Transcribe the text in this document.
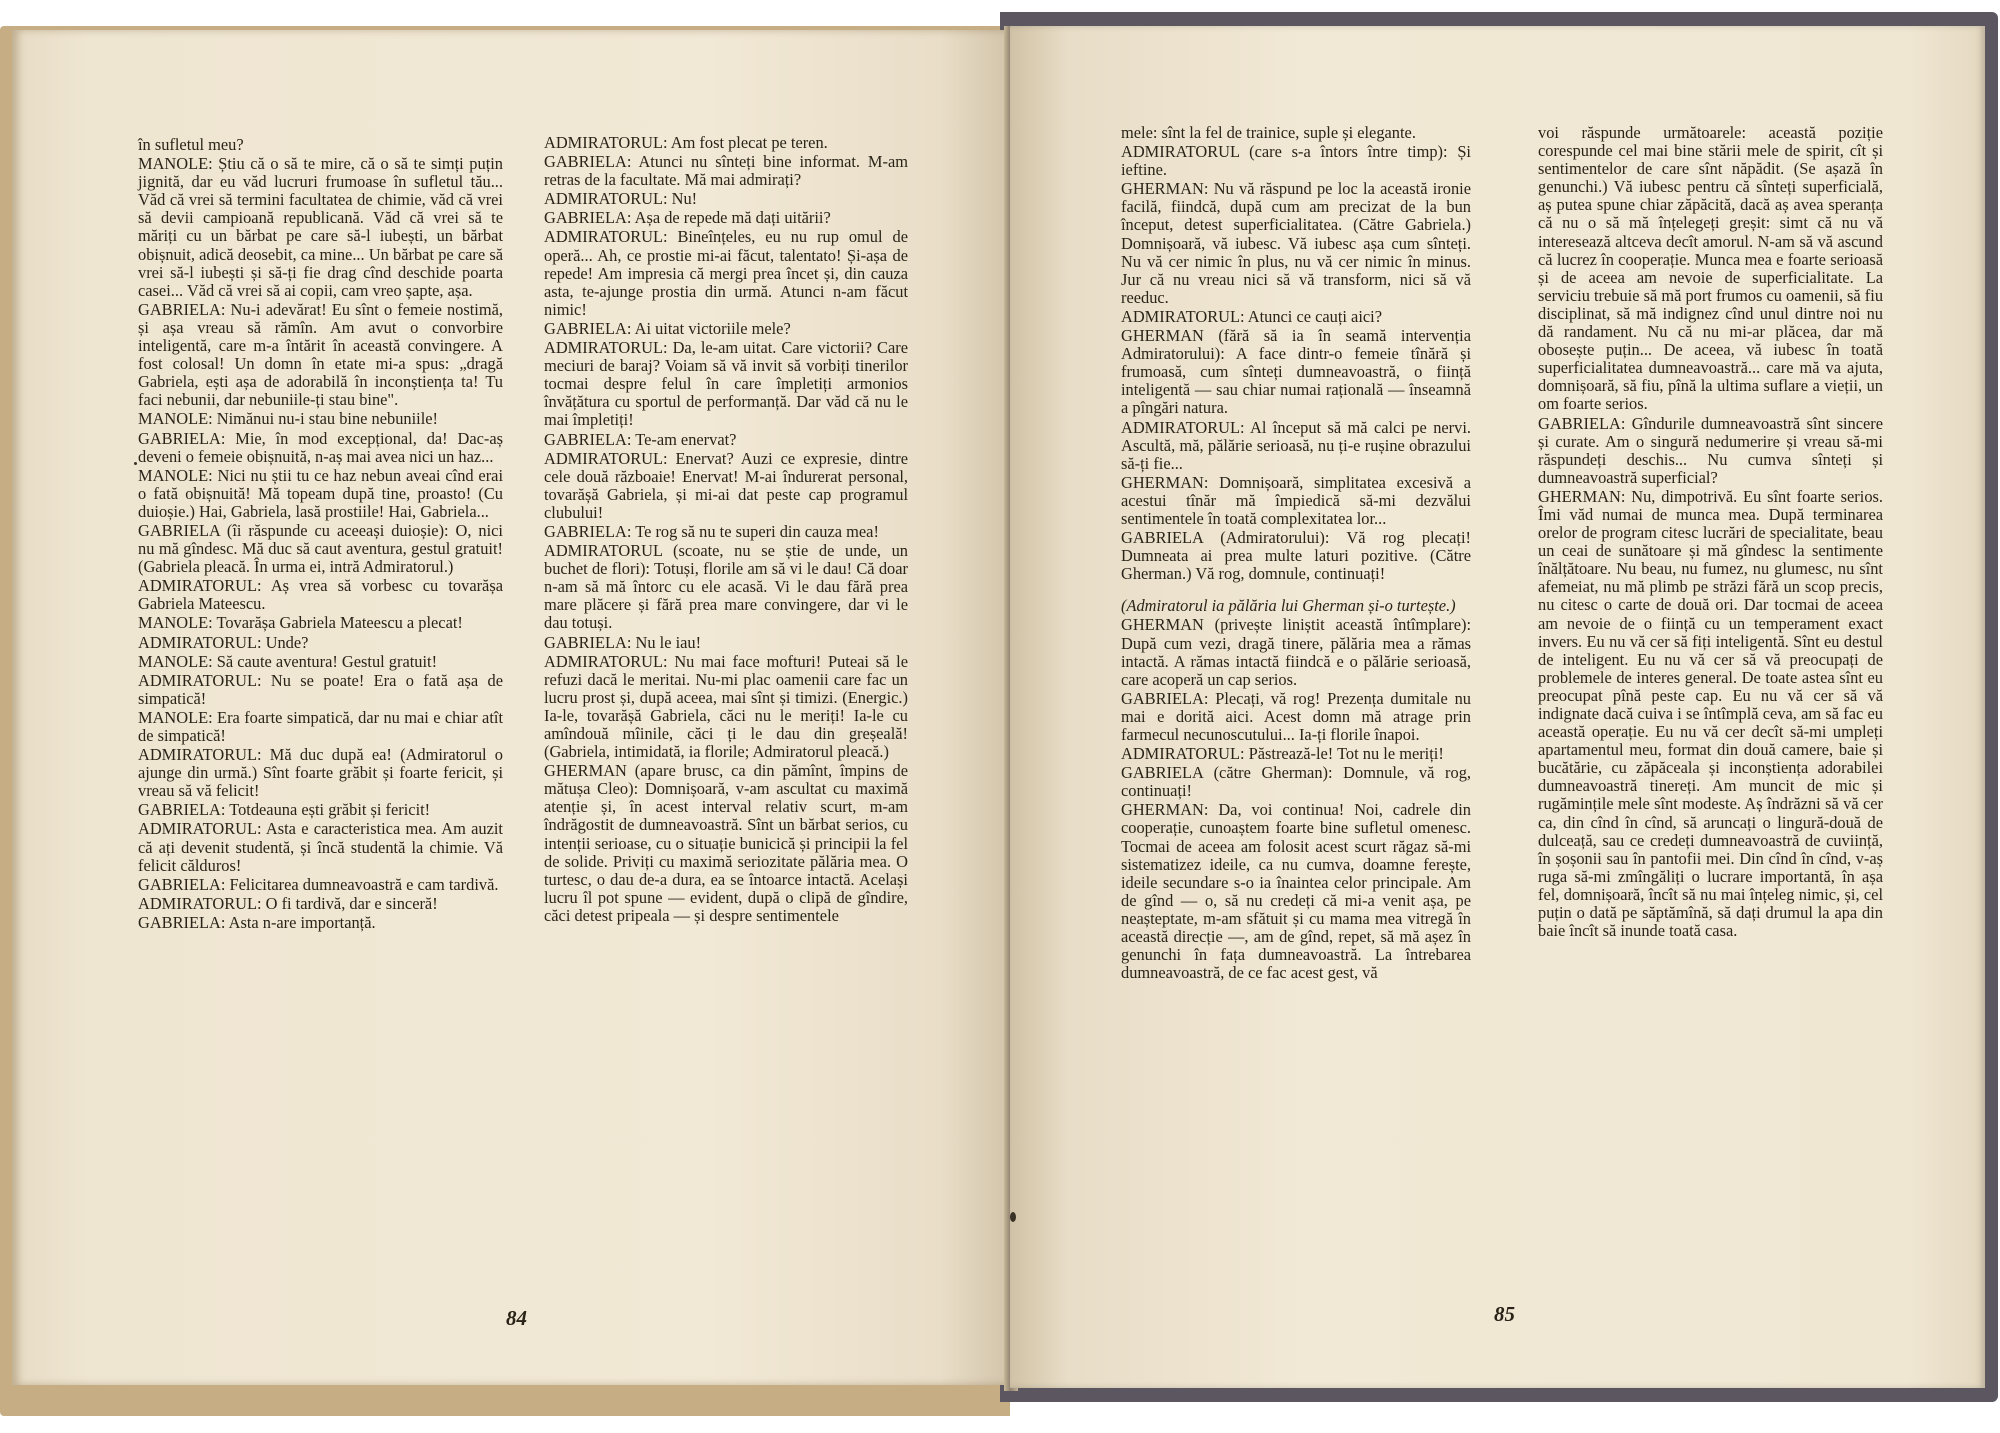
în sufletul meu?

MANOLE: Știu că o să te mire, că o să te simți puțin jignită, dar eu văd lucruri frumoase în sufletul tău... Văd că vrei să termini facultatea de chimie, văd că vrei să devii campioană republicană. Văd că vrei să te măriți cu un bărbat pe care să-l iubești, un bărbat obișnuit, adică deosebit, ca mine... Un bărbat pe care să vrei să-l iubești și să-ți fie drag cînd deschide poarta casei... Văd că vrei să ai copii, cam vreo șapte, așa.

GABRIELA: Nu-i adevărat! Eu sînt o femeie nostimă, și așa vreau să rămîn. Am avut o convorbire inteligentă, care m-a întărit în această convingere. A fost colosal! Un domn în etate mi-a spus: „dragă Gabriela, ești așa de adorabilă în inconștiența ta! Tu faci nebunii, dar nebuniile-ți stau bine".

MANOLE: Nimănui nu-i stau bine nebuniile!

GABRIELA: Mie, în mod excepțional, da! Dac-aș deveni o femeie obișnuită, n-aș mai avea nici un haz...

MANOLE: Nici nu știi tu ce haz nebun aveai cînd erai o fată obișnuită! Mă topeam după tine, proasto! (Cu duioșie.) Hai, Gabriela, lasă prostiile! Hai, Gabriela...

GABRIELA (îi răspunde cu aceeași duioșie): O, nici nu mă gîndesc. Mă duc să caut aventura, gestul gratuit! (Gabriela pleacă. În urma ei, intră Admiratorul.)

ADMIRATORUL: Aș vrea să vorbesc cu tovarășa Gabriela Mateescu.

MANOLE: Tovarășa Gabriela Mateescu a plecat!

ADMIRATORUL: Unde?

MANOLE: Să caute aventura! Gestul gratuit!

ADMIRATORUL: Nu se poate! Era o fată așa de simpatică!

MANOLE: Era foarte simpatică, dar nu mai e chiar atît de simpatică!

ADMIRATORUL: Mă duc după ea! (Admiratorul o ajunge din urmă.) Sînt foarte grăbit și foarte fericit, și vreau să vă felicit!

GABRIELA: Totdeauna ești grăbit și fericit!

ADMIRATORUL: Asta e caracteristica mea. Am auzit că ați devenit studentă, și încă studentă la chimie. Vă felicit călduros!

GABRIELA: Felicitarea dumneavoastră e cam tardivă.

ADMIRATORUL: O fi tardivă, dar e sinceră!

GABRIELA: Asta n-are importanță.

ADMIRATORUL: Am fost plecat pe teren.

GABRIELA: Atunci nu sînteți bine informat. M-am retras de la facultate. Mă mai admirați?

ADMIRATORUL: Nu!

GABRIELA: Așa de repede mă dați uitării?

ADMIRATORUL: Bineînțeles, eu nu rup omul de operă... Ah, ce prostie mi-ai făcut, talentato! Și-așa de repede! Am impresia că mergi prea încet și, din cauza asta, te-ajunge prostia din urmă. Atunci n-am făcut nimic!

GABRIELA: Ai uitat victoriile mele?

ADMIRATORUL: Da, le-am uitat. Care victorii? Care meciuri de baraj? Voiam să vă invit să vorbiți tinerilor tocmai despre felul în care împletiți armonios învățătura cu sportul de performanță. Dar văd că nu le mai împletiți!

GABRIELA: Te-am enervat?

ADMIRATORUL: Enervat? Auzi ce expresie, dintre cele două războaie! Enervat! M-ai îndurerat personal, tovarășă Gabriela, și mi-ai dat peste cap programul clubului!

GABRIELA: Te rog să nu te superi din cauza mea!

ADMIRATORUL (scoate, nu se știe de unde, un buchet de flori): Totuși, florile am să vi le dau! Că doar n-am să mă întorc cu ele acasă. Vi le dau fără prea mare plăcere și fără prea mare convingere, dar vi le dau totuși.

GABRIELA: Nu le iau!

ADMIRATORUL: Nu mai face mofturi! Puteai să le refuzi dacă le meritai. Nu-mi plac oamenii care fac un lucru prost și, după aceea, mai sînt și timizi. (Energic.) Ia-le, tovarășă Gabriela, căci nu le meriți! Ia-le cu amîndouă mîinile, căci ți le dau din greșeală! (Gabriela, intimidată, ia florile; Admiratorul pleacă.)

GHERMAN (apare brusc, ca din pămînt, împins de mătușa Cleo): Domnișoară, v-am ascultat cu maximă atenție și, în acest interval relativ scurt, m-am îndrăgostit de dumneavoastră. Sînt un bărbat serios, cu intenții serioase, cu o situație bunicică și principii la fel de solide. Priviți cu maximă seriozitate pălăria mea. O turtesc, o dau de-a dura, ea se întoarce intactă. Același lucru îl pot spune — evident, după o clipă de gîndire, căci detest pripeala — și despre sentimentele

84

mele: sînt la fel de trainice, suple și elegante.

ADMIRATORUL (care s-a întors între timp): Și ieftine.

GHERMAN: Nu vă răspund pe loc la această ironie facilă, fiindcă, după cum am precizat de la bun început, detest superficialitatea. (Către Gabriela.) Domnișoară, vă iubesc. Vă iubesc așa cum sînteți. Nu vă cer nimic în plus, nu vă cer nimic în minus. Jur că nu vreau nici să vă transform, nici să vă reeduc.

ADMIRATORUL: Atunci ce cauți aici?

GHERMAN (fără să ia în seamă intervenția Admiratorului): A face dintr-o femeie tînără și frumoasă, cum sînteți dumneavoastră, o ființă inteligentă — sau chiar numai rațională — înseamnă a pîngări natura.

ADMIRATORUL: Al început să mă calci pe nervi. Ascultă, mă, pălărie serioasă, nu ți-e rușine obrazului să-ți fie...

GHERMAN: Domnișoară, simplitatea excesivă a acestui tînăr mă împiedică să-mi dezvălui sentimentele în toată complexitatea lor...

GABRIELA (Admiratorului): Vă rog plecați! Dumneata ai prea multe laturi pozitive. (Către Gherman.) Vă rog, domnule, continuați!

(Admiratorul ia pălăria lui Gherman și-o turtește.)

GHERMAN (privește liniștit această întîmplare): După cum vezi, dragă tinere, pălăria mea a rămas intactă. A rămas intactă fiindcă e o pălărie serioasă, care acoperă un cap serios.

GABRIELA: Plecați, vă rog! Prezența dumitale nu mai e dorită aici. Acest domn mă atrage prin farmecul necunoscutului... Ia-ți florile înapoi.

ADMIRATORUL: Păstrează-le! Tot nu le meriți!

GABRIELA (către Gherman): Domnule, vă rog, continuați!

GHERMAN: Da, voi continua! Noi, cadrele din cooperație, cunoaștem foarte bine sufletul omenesc. Tocmai de aceea am folosit acest scurt răgaz să-mi sistematizez ideile, ca nu cumva, doamne ferește, ideile secundare s-o ia înaintea celor principale. Am de gînd — o, să nu credeți că mi-a venit așa, pe neașteptate, m-am sfătuit și cu mama mea vitregă în această direcție —, am de gînd, repet, să mă așez în genunchi în fața dumneavoastră. La întrebarea dumneavoastră, de ce fac acest gest, vă

voi răspunde următoarele: această poziție corespunde cel mai bine stării mele de spirit, cît și sentimentelor de care sînt năpădit. (Se așază în genunchi.) Vă iubesc pentru că sînteți superficială, aș putea spune chiar zăpăcită, dacă aș avea speranța că nu o să mă înțelegeți greșit: simt că nu vă interesează altceva decît amorul. N-am să vă ascund că lucrez în cooperație. Munca mea e foarte serioasă și de aceea am nevoie de superficialitate. La serviciu trebuie să mă port frumos cu oamenii, să fiu disciplinat, să mă indignez cînd unul dintre noi nu dă randament. Nu că nu mi-ar plăcea, dar mă obosește puțin... De aceea, vă iubesc în toată superficialitatea dumneavoastră... care mă va ajuta, domnișoară, să fiu, pînă la ultima suflare a vieții, un om foarte serios.

GABRIELA: Gîndurile dumneavoastră sînt sincere și curate. Am o singură nedumerire și vreau să-mi răspundeți deschis... Nu cumva sînteți și dumneavoastră superficial?

GHERMAN: Nu, dimpotrivă. Eu sînt foarte serios. Îmi văd numai de munca mea. După terminarea orelor de program citesc lucrări de specialitate, beau un ceai de sunătoare și mă gîndesc la sentimente înălțătoare. Nu beau, nu fumez, nu glumesc, nu sînt afemeiat, nu mă plimb pe străzi fără un scop precis, nu citesc o carte de două ori. Dar tocmai de aceea am nevoie de o ființă cu un temperament exact invers. Eu nu vă cer să fiți inteligentă. Sînt eu destul de inteligent. Eu nu vă cer să vă preocupați de problemele de interes general. De toate astea sînt eu preocupat pînă peste cap. Eu nu vă cer să vă indignate dacă cuiva i se întîmplă ceva, am să fac eu această operație. Eu nu vă cer decît să-mi umpleți apartamentul meu, format din două camere, baie și bucătărie, cu zăpăceala și inconștiența adorabilei dumneavoastră tinereți. Am muncit de mic și rugămințile mele sînt modeste. Aș îndrăzni să vă cer ca, din cînd în cînd, să aruncați o lingură-două de dulceață, sau ce credeți dumneavoastră de cuviință, în șoșonii sau în pantofii mei. Din cînd în cînd, v-aș ruga să-mi zmîngăliți o lucrare importantă, în așa fel, domnișoară, încît să nu mai înțeleg nimic, și, cel puțin o dată pe săptămînă, să dați drumul la apa din baie încît să inunde toată casa.

85
